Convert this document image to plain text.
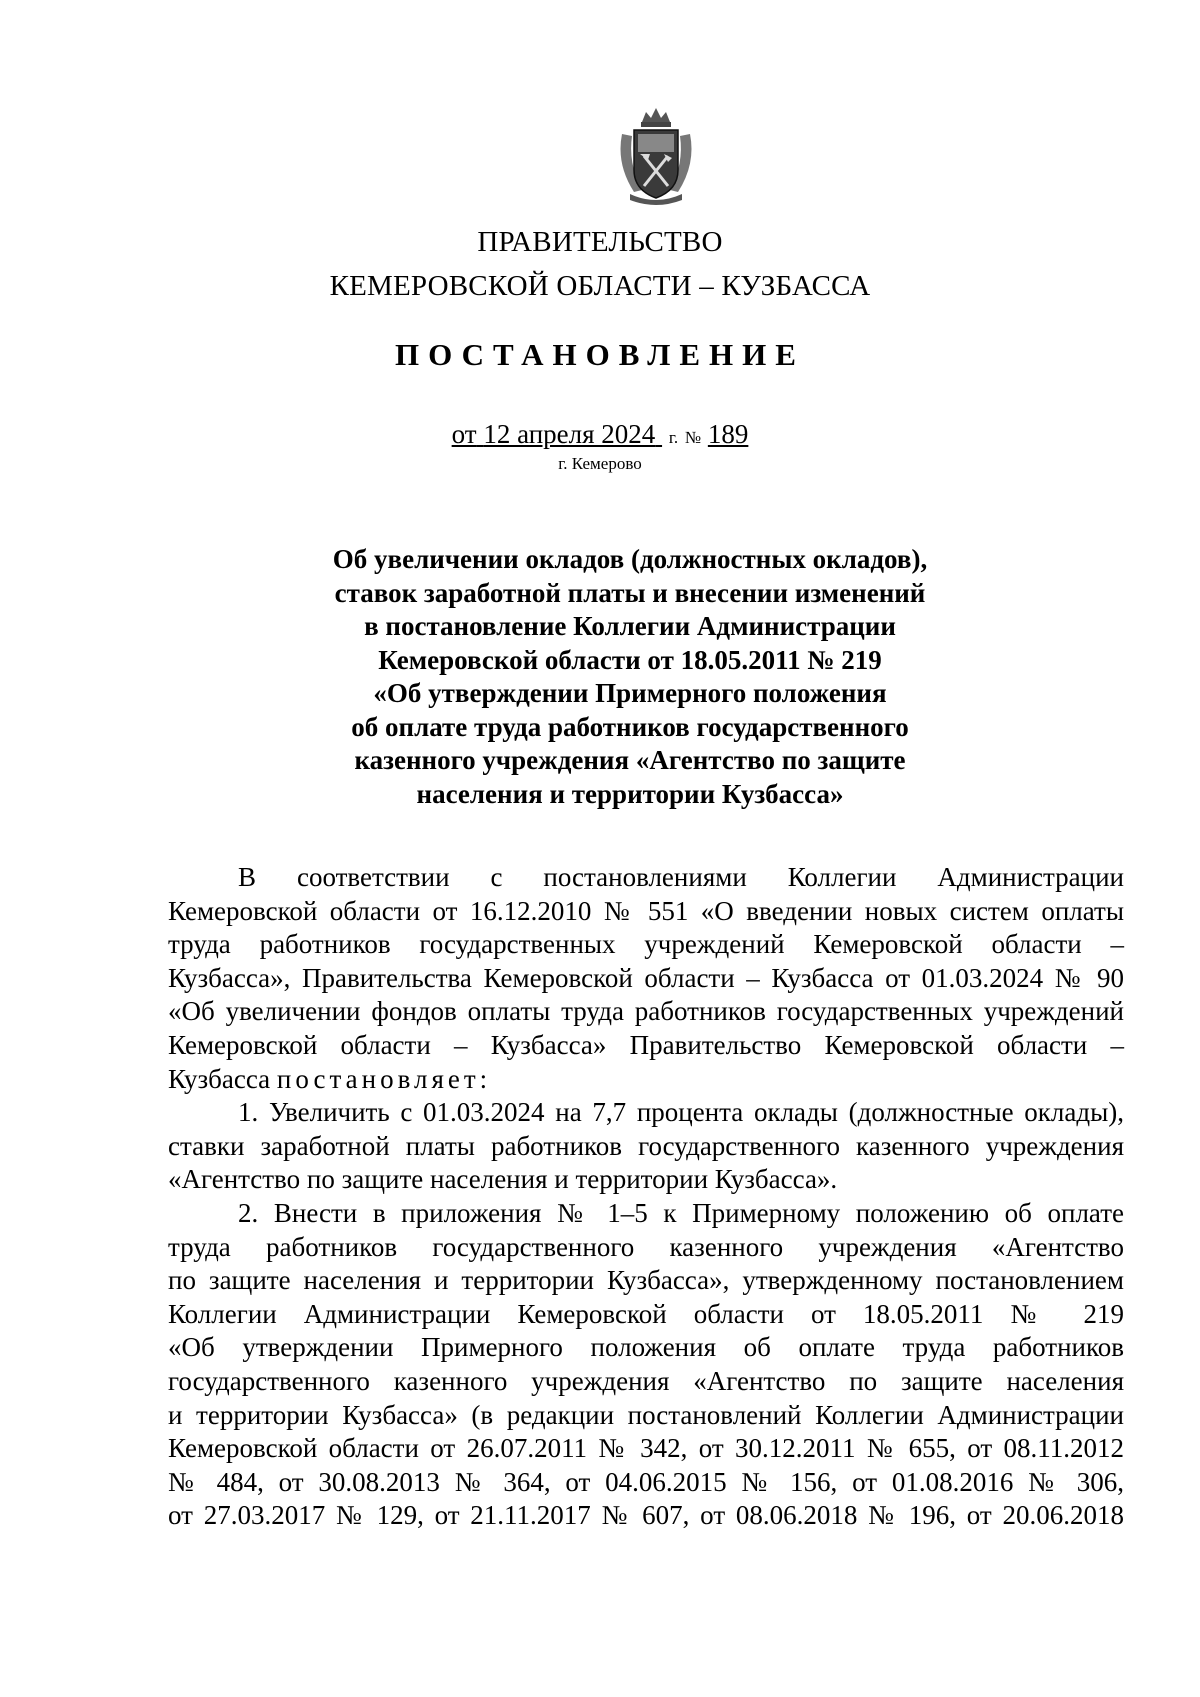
ПРАВИТЕЛЬСТВО
КЕМЕРОВСКОЙ ОБЛАСТИ – КУЗБАССА
ПОСТАНОВЛЕНИЕ
от 12 апреля 2024 г. № 189
г. Кемерово
Об увеличении окладов (должностных окладов),
ставок заработной платы и внесении изменений
в постановление Коллегии Администрации
Кемеровской области от 18.05.2011 № 219
«Об утверждении Примерного положения
об оплате труда работников государственного
казенного учреждения «Агентство по защите
населения и территории Кузбасса»
В соответствии с постановлениями Коллегии Администрации
Кемеровской области от 16.12.2010 № 551 «О введении новых систем оплаты
труда работников государственных учреждений Кемеровской области –
Кузбасса», Правительства Кемеровской области – Кузбасса от 01.03.2024 № 90
«Об увеличении фондов оплаты труда работников государственных учреждений
Кемеровской области – Кузбасса» Правительство Кемеровской области –
Кузбасса постановляет:
1. Увеличить с 01.03.2024 на 7,7 процента оклады (должностные оклады),
ставки заработной платы работников государственного казенного учреждения
«Агентство по защите населения и территории Кузбасса».
2. Внести в приложения № 1–5 к Примерному положению об оплате
труда работников государственного казенного учреждения «Агентство
по защите населения и территории Кузбасса», утвержденному постановлением
Коллегии Администрации Кемеровской области от 18.05.2011 № 219
«Об утверждении Примерного положения об оплате труда работников
государственного казенного учреждения «Агентство по защите населения
и территории Кузбасса» (в редакции постановлений Коллегии Администрации
Кемеровской области от 26.07.2011 № 342, от 30.12.2011 № 655, от 08.11.2012
№ 484, от 30.08.2013 № 364, от 04.06.2015 № 156, от 01.08.2016 № 306,
от 27.03.2017 № 129, от 21.11.2017 № 607, от 08.06.2018 № 196, от 20.06.2018
